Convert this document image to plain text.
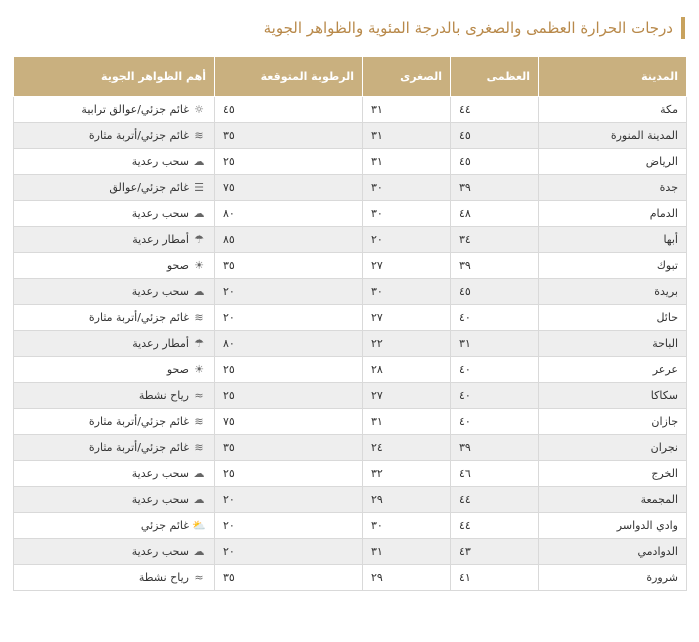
درجات الحرارة العظمى والصغرى بالدرجة المئوية والظواهر الجوية
المدينة	العظمى	الصغرى	الرطوبة المتوقعة	أهم الظواهر الجوية
مكة	٤٤	٣١	٤٥	☼غائم جزئي/عوالق ترابية
المدينة المنورة	٤٥	٣١	٣٥	≋غائم جزئي/أتربة مثارة
الرياض	٤٥	٣١	٢٥	☁سحب رعدية
جدة	٣٩	٣٠	٧٥	☰غائم جزئي/عوالق
الدمام	٤٨	٣٠	٨٠	☁سحب رعدية
أبها	٣٤	٢٠	٨٥	☂أمطار رعدية
تبوك	٣٩	٢٧	٣٥	☀صحو
بريدة	٤٥	٣٠	٢٠	☁سحب رعدية
حائل	٤٠	٢٧	٢٠	≋غائم جزئي/أتربة مثارة
الباحة	٣١	٢٢	٨٠	☂أمطار رعدية
عرعر	٤٠	٢٨	٢٥	☀صحو
سكاكا	٤٠	٢٧	٢٥	≈رياح نشطة
جازان	٤٠	٣١	٧٥	≋غائم جزئي/أتربة مثارة
نجران	٣٩	٢٤	٣٥	≋غائم جزئي/أتربة مثارة
الخرج	٤٦	٣٢	٢٥	☁سحب رعدية
المجمعة	٤٤	٢٩	٢٠	☁سحب رعدية
وادي الدواسر	٤٤	٣٠	٢٠	⛅غائم جزئي
الدوادمي	٤٣	٣١	٢٠	☁سحب رعدية
شرورة	٤١	٢٩	٣٥	≈رياح نشطة
